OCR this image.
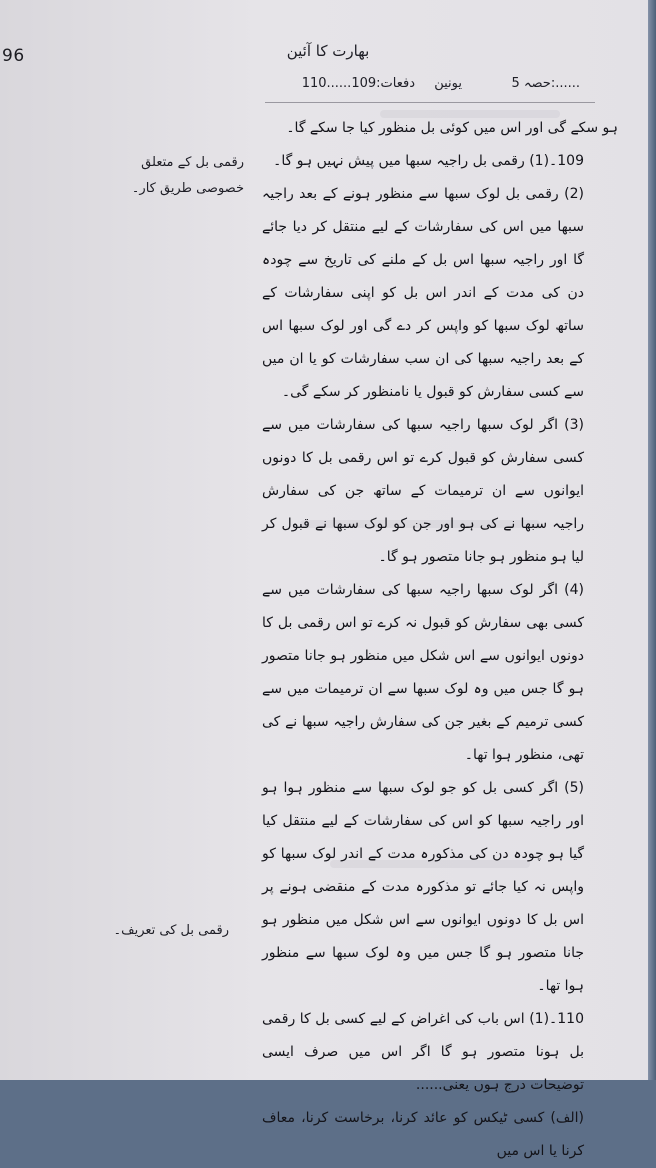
96	بھارت کا آئین
حصہ 5:......
یونین
دفعات:109......110
رقمی بل کے متعلق
خصوصی طریق کار۔
رقمی بل کی تعریف۔

ہو سکے گی اور اس میں کوئی بل منظور کیا جا سکے گا۔

109۔(1) رقمی بل راجیہ سبھا میں پیش نہیں ہو گا۔

(2) رقمی بل لوک سبھا سے منظور ہونے کے بعد راجیہ سبھا میں اس کی سفارشات کے لیے منتقل کر دیا جائے گا اور راجیہ سبھا اس بل کے ملنے کی تاریخ سے چودہ دن کی مدت کے اندر اس بل کو اپنی سفارشات کے ساتھ لوک سبھا کو واپس کر دے گی اور لوک سبھا اس کے بعد راجیہ سبھا کی ان سب سفارشات کو یا ان میں سے کسی سفارش کو قبول یا نامنظور کر سکے گی۔

(3) اگر لوک سبھا راجیہ سبھا کی سفارشات میں سے کسی سفارش کو قبول کرے تو اس رقمی بل کا دونوں ایوانوں سے ان ترمیمات کے ساتھ جن کی سفارش راجیہ سبھا نے کی ہو اور جن کو لوک سبھا نے قبول کر لیا ہو منظور ہو جانا متصور ہو گا۔

(4) اگر لوک سبھا راجیہ سبھا کی سفارشات میں سے کسی بھی سفارش کو قبول نہ کرے تو اس رقمی بل کا دونوں ایوانوں سے اس شکل میں منظور ہو جانا متصور ہو گا جس میں وہ لوک سبھا سے ان ترمیمات میں سے کسی ترمیم کے بغیر جن کی سفارش راجیہ سبھا نے کی تھی، منظور ہوا تھا۔

(5) اگر کسی بل کو جو لوک سبھا سے منظور ہوا ہو اور راجیہ سبھا کو اس کی سفارشات کے لیے منتقل کیا گیا ہو چودہ دن کی مذکورہ مدت کے اندر لوک سبھا کو واپس نہ کیا جائے تو مذکورہ مدت کے منقضی ہونے پر اس بل کا دونوں ایوانوں سے اس شکل میں منظور ہو جانا متصور ہو گا جس میں وہ لوک سبھا سے منظور ہوا تھا۔

110۔(1) اس باب کی اغراض کے لیے کسی بل کا رقمی بل ہونا متصور ہو گا اگر اس میں صرف ایسی توضیحات درج ہوں یعنی......

(الف) کسی ٹیکس کو عائد کرنا، برخاست کرنا، معاف کرنا یا اس میں
